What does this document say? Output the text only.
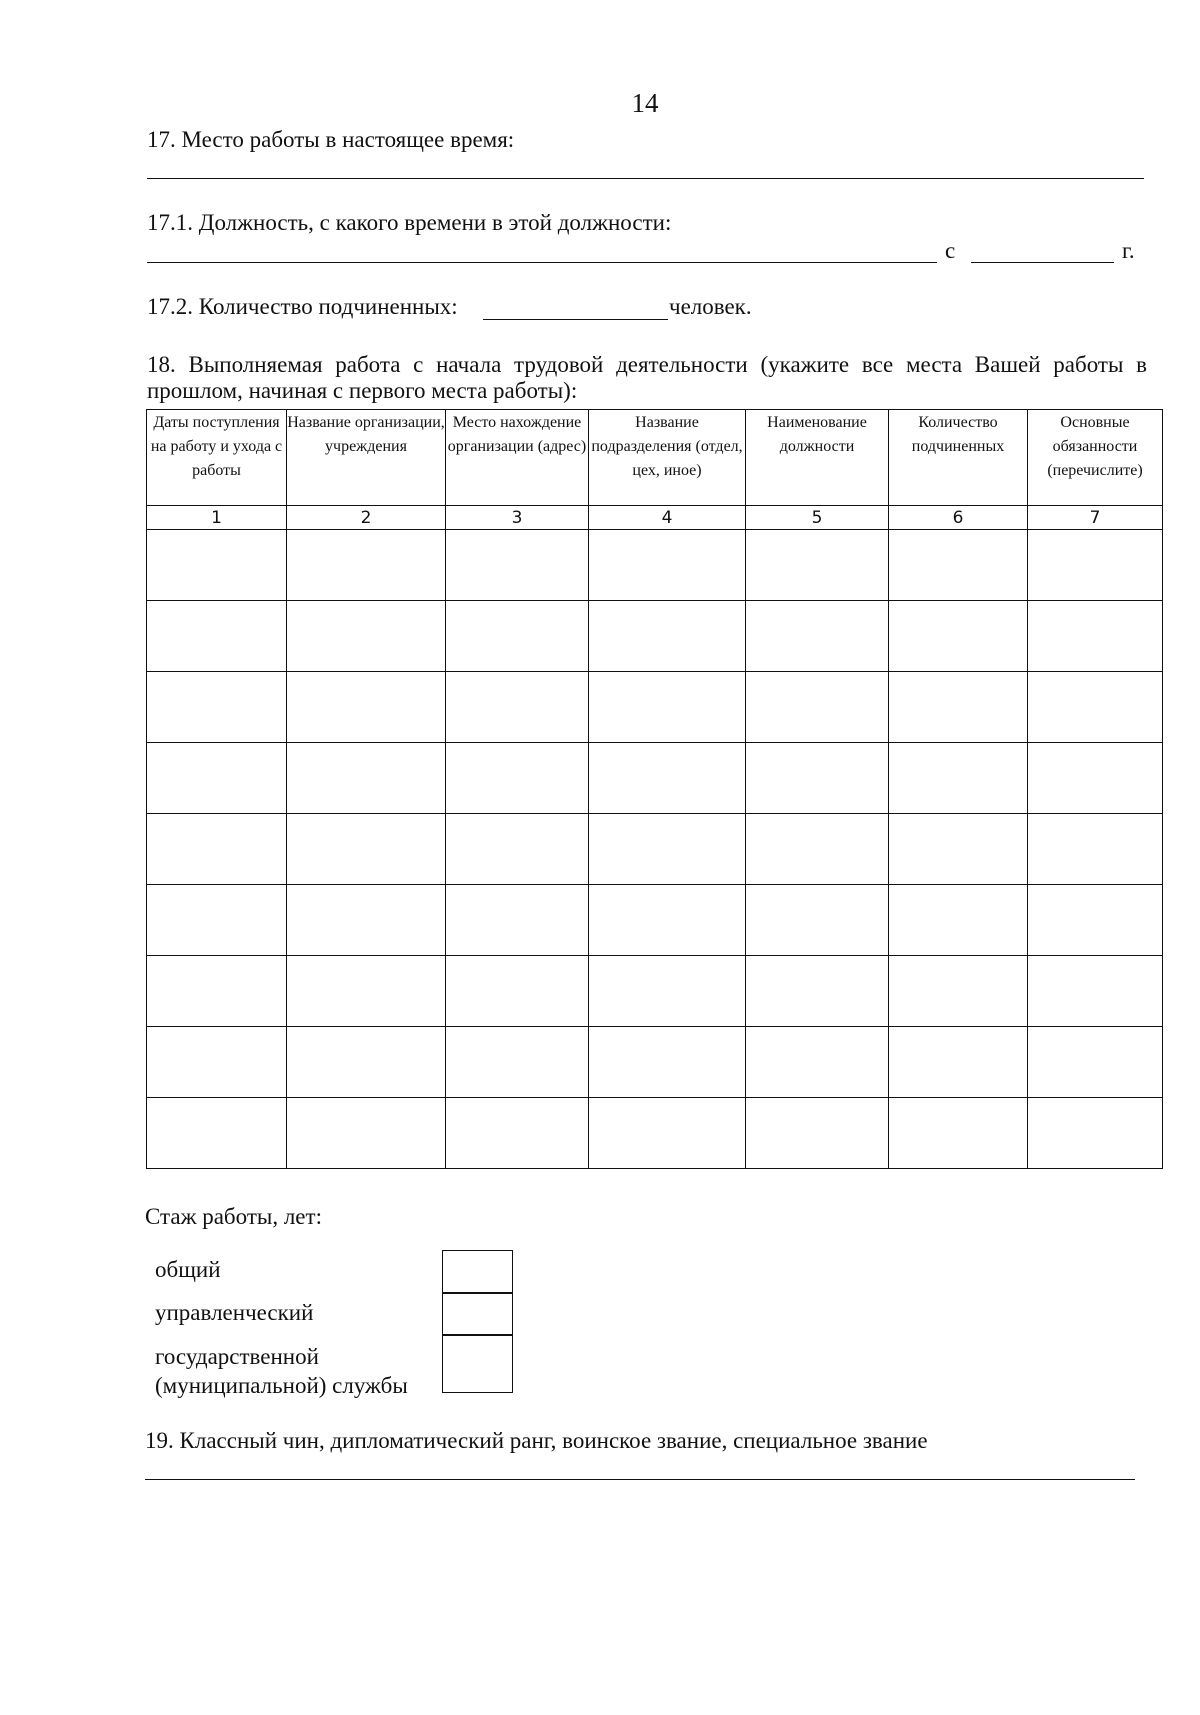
14
17. Место работы в настоящее время:
17.1. Должность, с какого времени в этой должности:
с	г.
17.2. Количество подчиненных:	человек.
18. Выполняемая работа с начала трудовой деятельности (укажите все места Вашей работы в
прошлом, начиная с первого места работы):
Даты поступления на работу и ухода с работы	Название организации, учреждения	Место нахождение организации (адрес)	Название подразделения (отдел, цех, иное)	Наименование должности	Количество подчиненных	Основные обязанности (перечислите)
1	2	3	4	5	6	7

Стаж работы, лет:
общий
управленческий
государственной
(муниципальной) службы
19. Классный чин, дипломатический ранг, воинское звание, специальное звание
